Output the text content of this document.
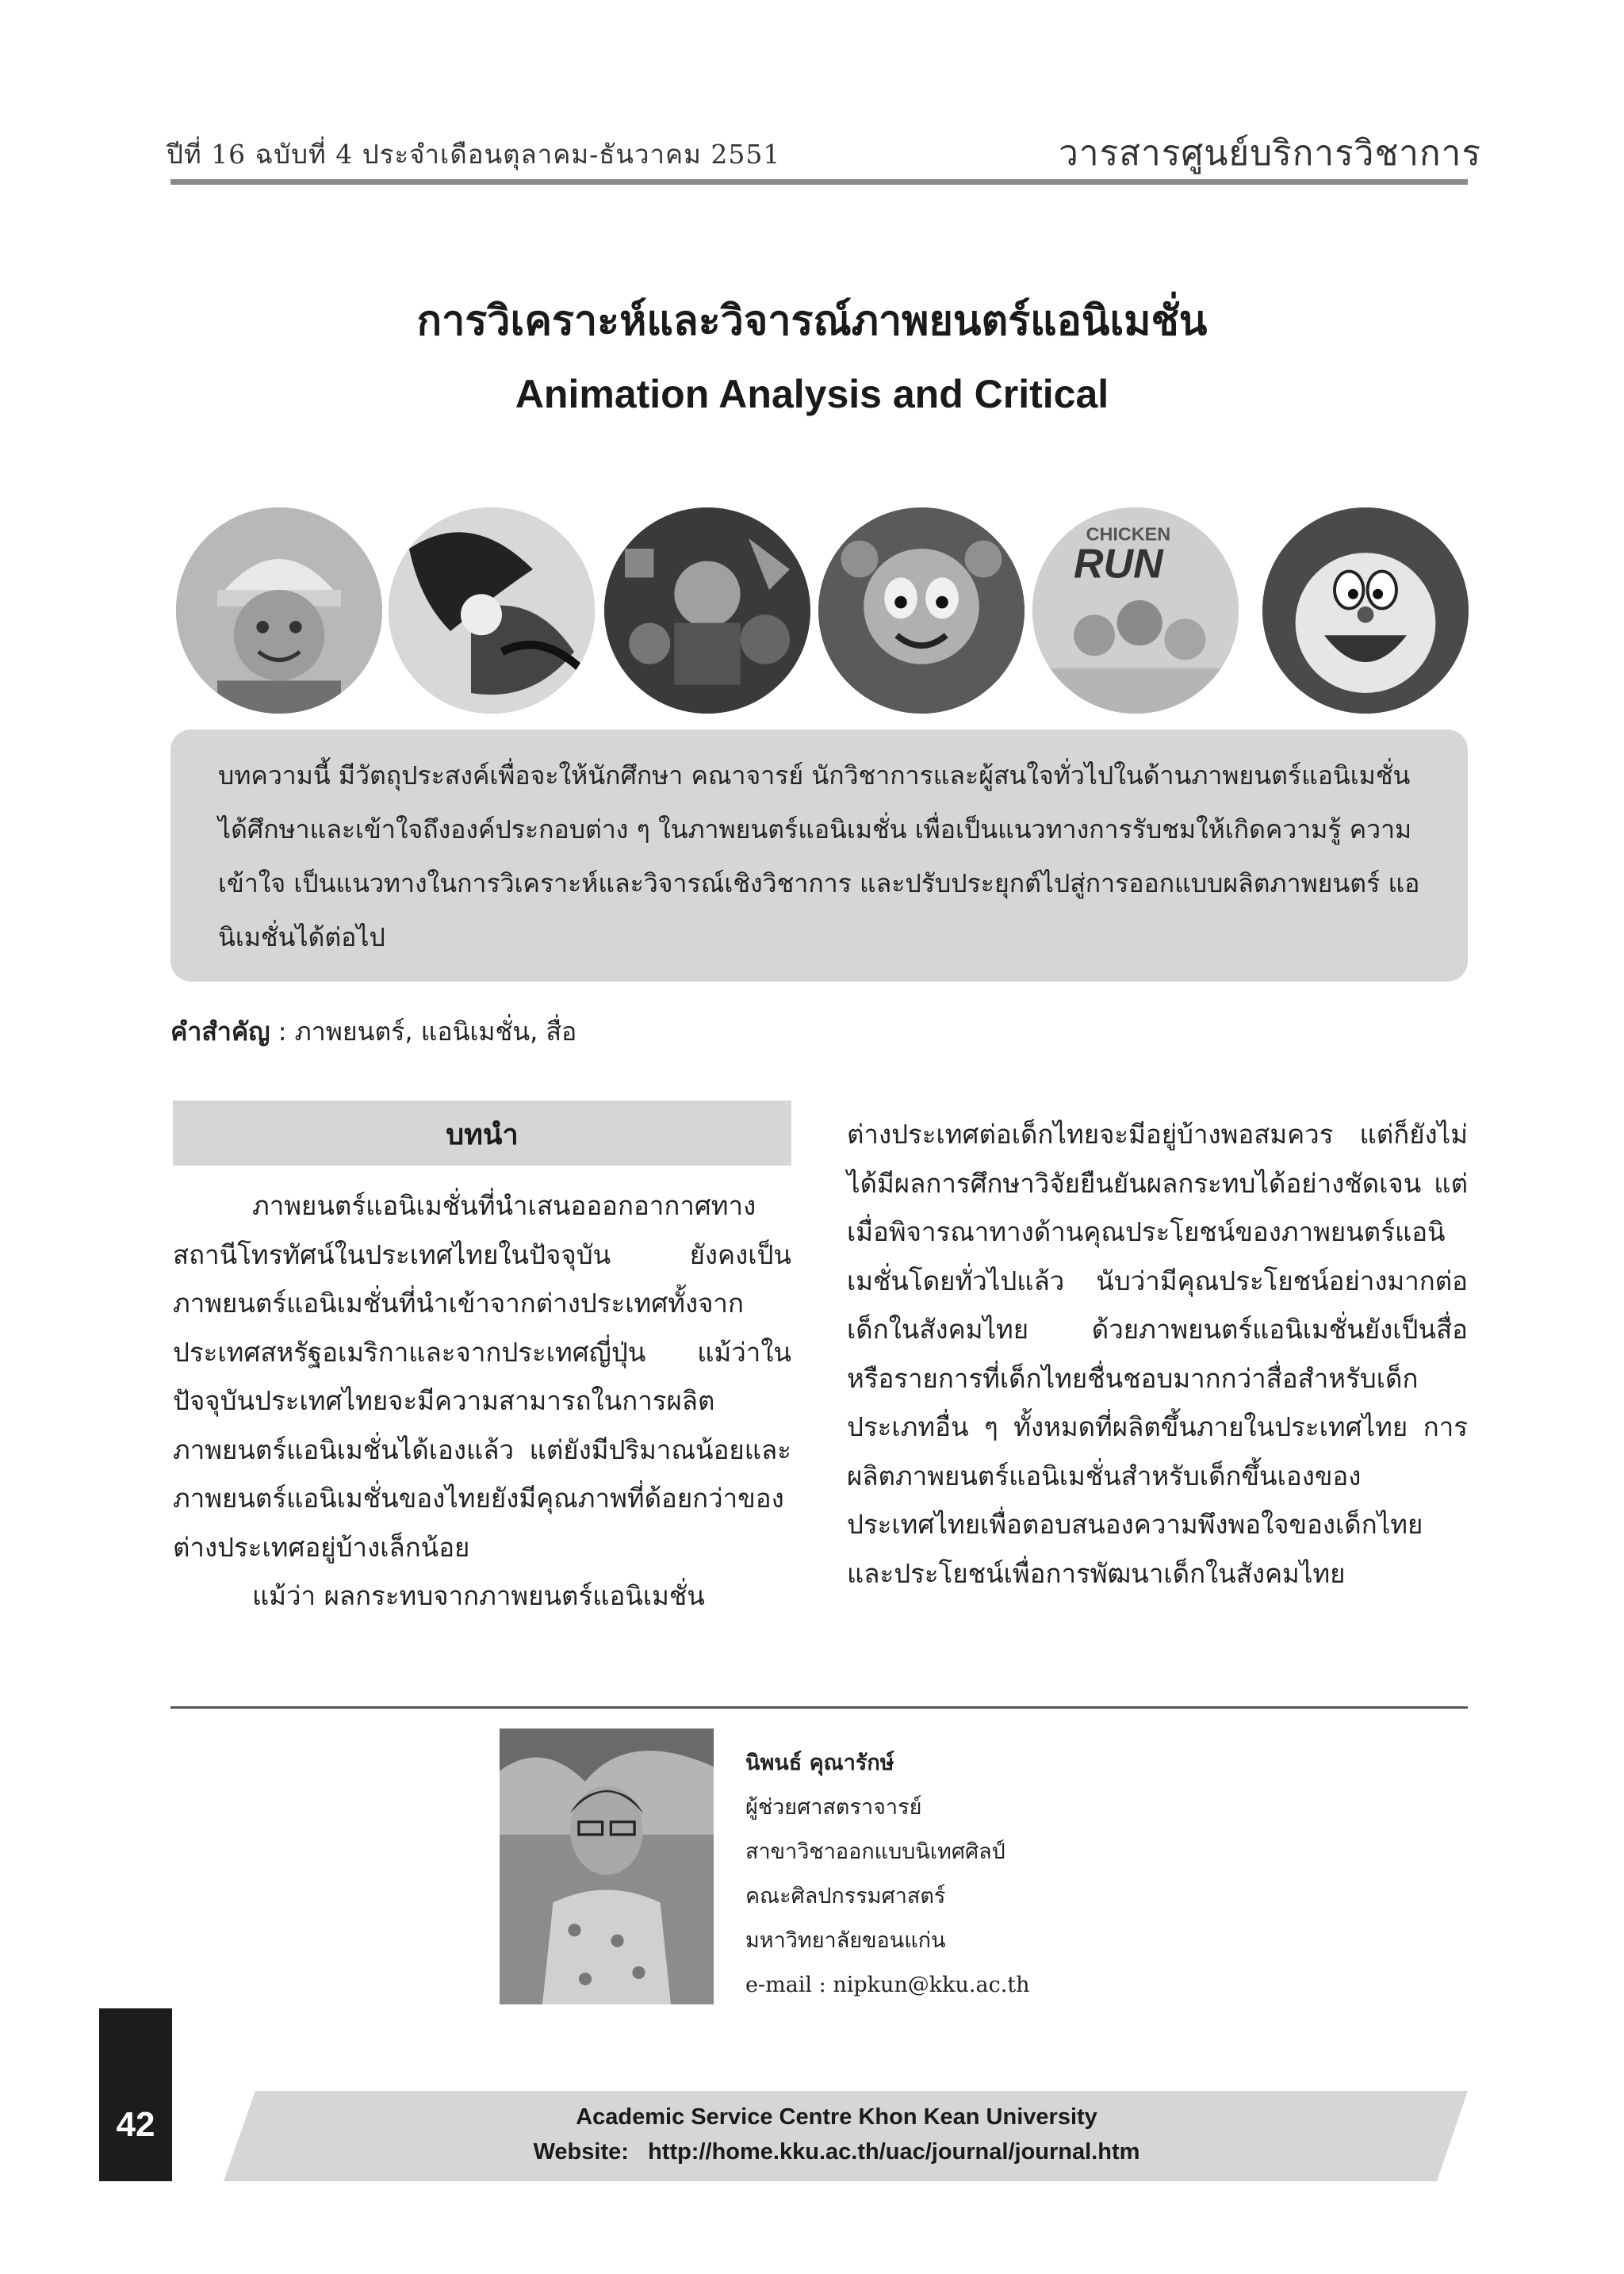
ปีที่ 16 ฉบับที่ 4 ประจำเดือนตุลาคม-ธันวาคม 2551	วารสารศูนย์บริการวิชาการ
การวิเคราะห์และวิจารณ์ภาพยนตร์แอนิเมชั่น
Animation Analysis and Critical
CHICKEN
RUN
บทความนี้ มีวัตถุประสงค์เพื่อจะให้นักศึกษา คณาจารย์ นักวิชาการและผู้สนใจทั่วไปในด้านภาพยนตร์แอนิเมชั่น ได้ศึกษาและเข้าใจถึงองค์ประกอบต่าง ๆ ในภาพยนตร์แอนิเมชั่น เพื่อเป็นแนวทางการรับชมให้เกิดความรู้ ความเข้าใจ เป็นแนวทางในการวิเคราะห์และวิจารณ์เชิงวิชาการ และปรับประยุกต์ไปสู่การออกแบบผลิตภาพยนตร์ แอนิเมชั่นได้ต่อไป
คำสำคัญ : ภาพยนตร์, แอนิเมชั่น, สื่อ
บทนำ

ภาพยนตร์แอนิเมชั่นที่นำเสนอออกอากาศทางสถานีโทรทัศน์ในประเทศไทยในปัจจุบัน ยังคงเป็นภาพยนตร์แอนิเมชั่นที่นำเข้าจากต่างประเทศทั้งจากประเทศสหรัฐอเมริกาและจากประเทศญี่ปุ่น แม้ว่าในปัจจุบันประเทศไทยจะมีความสามารถในการผลิตภาพยนตร์แอนิเมชั่นได้เองแล้ว แต่ยังมีปริมาณน้อยและภาพยนตร์แอนิเมชั่นของไทยยังมีคุณภาพที่ด้อยกว่าของต่างประเทศอยู่บ้างเล็กน้อย

แม้ว่า ผลกระทบจากภาพยนตร์แอนิเมชั่น

ต่างประเทศต่อเด็กไทยจะมีอยู่บ้างพอสมควร แต่ก็ยังไม่ได้มีผลการศึกษาวิจัยยืนยันผลกระทบได้อย่างชัดเจน แต่เมื่อพิจารณาทางด้านคุณประโยชน์ของภาพยนตร์แอนิเมชั่นโดยทั่วไปแล้ว นับว่ามีคุณประโยชน์อย่างมากต่อเด็กในสังคมไทย ด้วยภาพยนตร์แอนิเมชั่นยังเป็นสื่อ หรือรายการที่เด็กไทยชื่นชอบมากกว่าสื่อสำหรับเด็กประเภทอื่น ๆ ทั้งหมดที่ผลิตขึ้นภายในประเทศไทย การผลิตภาพยนตร์แอนิเมชั่นสำหรับเด็กขึ้นเองของประเทศไทยเพื่อตอบสนองความพึงพอใจของเด็กไทย และประโยชน์เพื่อการพัฒนาเด็กในสังคมไทย

นิพนธ์ คุณารักษ์
ผู้ช่วยศาสตราจารย์
สาขาวิชาออกแบบนิเทศศิลป์
คณะศิลปกรรมศาสตร์
มหาวิทยาลัยขอนแก่น
e-mail : nipkun@kku.ac.th
42	Academic Service Centre Khon Kean University
Website:   http://home.kku.ac.th/uac/journal/journal.htm
